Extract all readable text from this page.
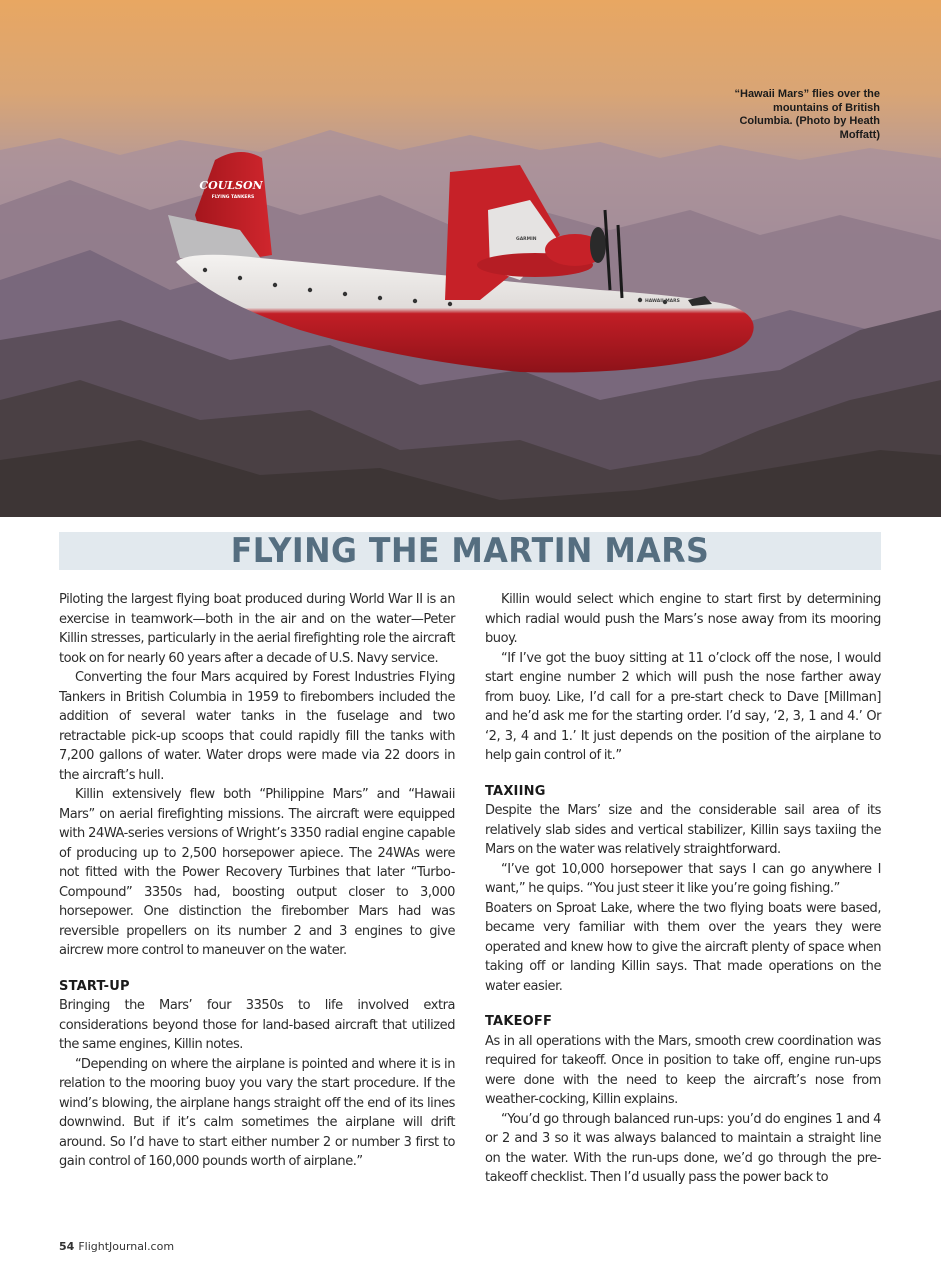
COULSON
FLYING TANKERS
HAWAII MARS
GARMIN

“Hawaii Mars” flies over the mountains of British Columbia. (Photo by Heath Moffatt)

FLYING THE MARTIN MARS

Piloting the largest flying boat produced during World War II is an exercise in teamwork—both in the air and on the water—Peter Killin stresses, particularly in the aerial firefighting role the aircraft took on for nearly 60 years after a decade of U.S. Navy service.

Converting the four Mars acquired by Forest Industries Flying Tankers in British Columbia in 1959 to firebombers included the addition of several water tanks in the fuselage and two retractable pick-up scoops that could rapidly fill the tanks with 7,200 gallons of water. Water drops were made via 22 doors in the aircraft’s hull.

Killin extensively flew both “Philippine Mars” and “Hawaii Mars” on aerial firefighting missions. The aircraft were equipped with 24WA-series versions of Wright’s 3350 radial engine capable of producing up to 2,500 horsepower apiece. The 24WAs were not fitted with the Power Recovery Turbines that later “Turbo-Compound” 3350s had, boosting output closer to 3,000 horsepower. One distinction the firebomber Mars had was reversible propellers on its number 2 and 3 engines to give aircrew more control to maneuver on the water.

START-UP

Bringing the Mars’ four 3350s to life involved extra considerations beyond those for land-based aircraft that utilized the same engines, Killin notes.

“Depending on where the airplane is pointed and where it is in relation to the mooring buoy you vary the start procedure. If the wind’s blowing, the airplane hangs straight off the end of its lines downwind. But if it’s calm sometimes the airplane will drift around. So I’d have to start either number 2 or number 3 first to gain control of 160,000 pounds worth of airplane.”

Killin would select which engine to start first by determining which radial would push the Mars’s nose away from its mooring buoy.

“If I’ve got the buoy sitting at 11 o’clock off the nose, I would start engine number 2 which will push the nose farther away from buoy. Like, I’d call for a pre-start check to Dave [Millman] and he’d ask me for the starting order. I’d say, ‘2, 3, 1 and 4.’ Or ‘2, 3, 4 and 1.’ It just depends on the position of the airplane to help gain control of it.”

TAXIING

Despite the Mars’ size and the considerable sail area of its relatively slab sides and vertical stabilizer, Killin says taxiing the Mars on the water was relatively straightforward.

“I’ve got 10,000 horsepower that says I can go anywhere I want,” he quips. “You just steer it like you’re going fishing.”

Boaters on Sproat Lake, where the two flying boats were based, became very familiar with them over the years they were operated and knew how to give the aircraft plenty of space when taking off or landing Killin says. That made operations on the water easier.

TAKEOFF

As in all operations with the Mars, smooth crew coordination was required for takeoff. Once in position to take off, engine run-ups were done with the need to keep the aircraft’s nose from weather-cocking, Killin explains.

“You’d go through balanced run-ups: you’d do engines 1 and 4 or 2 and 3 so it was always balanced to maintain a straight line on the water. With the run-ups done, we’d go through the pre-takeoff checklist. Then I’d usually pass the power back to

54 FlightJournal.com
